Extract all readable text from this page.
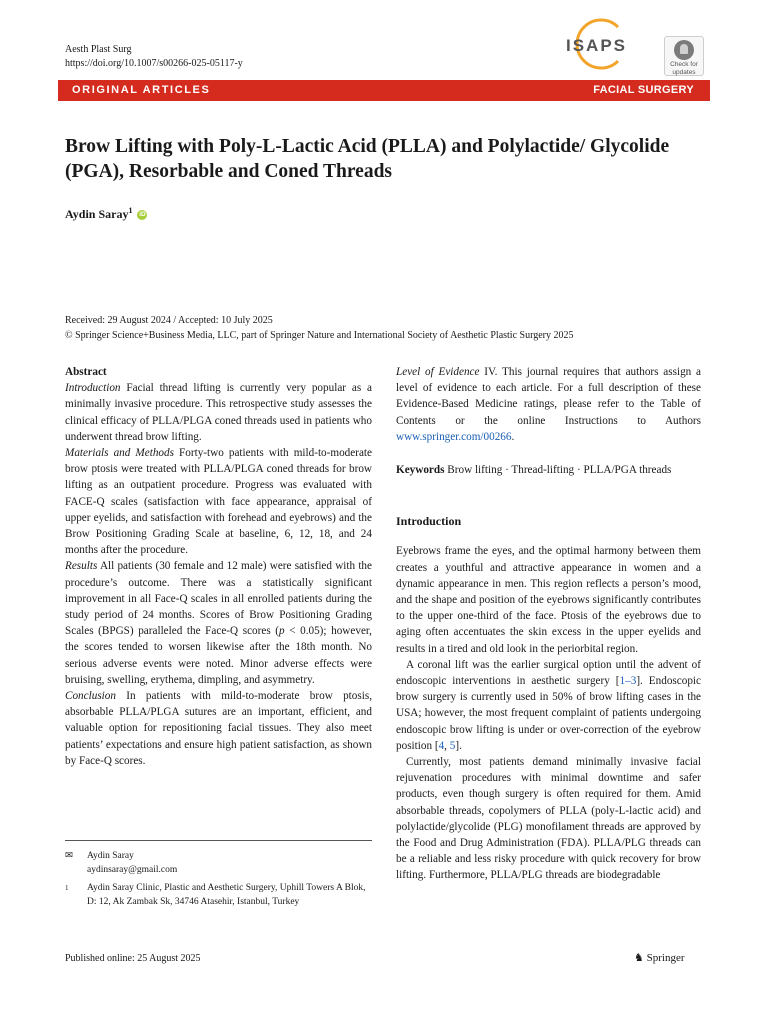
Aesth Plast Surg
https://doi.org/10.1007/s00266-025-05117-y
ISAPS
Check for
updates
ORIGINAL ARTICLES	FACIAL SURGERY
Brow Lifting with Poly-L-Lactic Acid (PLLA) and Polylactide/ Glycolide (PGA), Resorbable and Coned Threads
Aydin Saray$^1$ iD
Received: 29 August 2024 / Accepted: 10 July 2025
© Springer Science+Business Media, LLC, part of Springer Nature and International Society of Aesthetic Plastic Surgery 2025

Abstract

Introduction Facial thread lifting is currently very popular as a minimally invasive procedure. This retrospective study assesses the clinical efficacy of PLLA/PLGA coned threads used in patients who underwent thread brow lifting.

Materials and Methods Forty-two patients with mild-to-moderate brow ptosis were treated with PLLA/PLGA coned threads for brow lifting as an outpatient procedure. Progress was evaluated with FACE-Q scales (satisfaction with face appearance, appraisal of upper eyelids, and satisfaction with forehead and eyebrows) and the Brow Positioning Grading Scale at baseline, 6, 12, 18, and 24 months after the procedure.

Results All patients (30 female and 12 male) were satisfied with the procedure’s outcome. There was a statistically significant improvement in all Face-Q scales in all enrolled patients during the study period of 24 months. Scores of Brow Positioning Grading Scales (BPGS) paralleled the Face-Q scores (p < 0.05); however, the scores tended to worsen likewise after the 18th month. No serious adverse events were noted. Minor adverse effects were bruising, swelling, erythema, dimpling, and asymmetry.

Conclusion In patients with mild-to-moderate brow ptosis, absorbable PLLA/PLGA sutures are an important, efficient, and valuable option for repositioning facial tissues. They also meet patients’ expectations and ensure high patient satisfaction, as shown by Face-Q scores.

✉ Aydin Saray
aydinsaray@gmail.com
1	Aydin Saray Clinic, Plastic and Aesthetic Surgery, Uphill Towers A Blok, D: 12, Ak Zambak Sk, 34746 Atasehir, Istanbul, Turkey

Level of Evidence IV. This journal requires that authors assign a level of evidence to each article. For a full description of these Evidence-Based Medicine ratings, please refer to the Table of Contents or the online Instructions to Authors www.springer.com/00266.

Keywords Brow lifting · Thread-lifting · PLLA/PGA threads

Introduction

Eyebrows frame the eyes, and the optimal harmony between them creates a youthful and attractive appearance in women and a dynamic appearance in men. This region reflects a person’s mood, and the shape and position of the eyebrows significantly contributes to the upper one-third of the face. Ptosis of the eyebrows due to aging often accentuates the skin excess in the upper eyelids and results in a tired and old look in the periorbital region.

A coronal lift was the earlier surgical option until the advent of endoscopic interventions in aesthetic surgery [1–3]. Endoscopic brow surgery is currently used in 50% of brow lifting cases in the USA; however, the most frequent complaint of patients undergoing endoscopic brow lifting is under or over-correction of the eyebrow position [4, 5].

Currently, most patients demand minimally invasive facial rejuvenation procedures with minimal downtime and safer products, even though surgery is often required for them. Amid absorbable threads, copolymers of PLLA (poly-L-lactic acid) and polylactide/glycolide (PLG) monofilament threads are approved by the Food and Drug Administration (FDA). PLLA/PLG threads can be a reliable and less risky procedure with quick recovery for brow lifting. Furthermore, PLLA/PLG threads are biodegradable

Published online: 25 August 2025	♞ Springer
